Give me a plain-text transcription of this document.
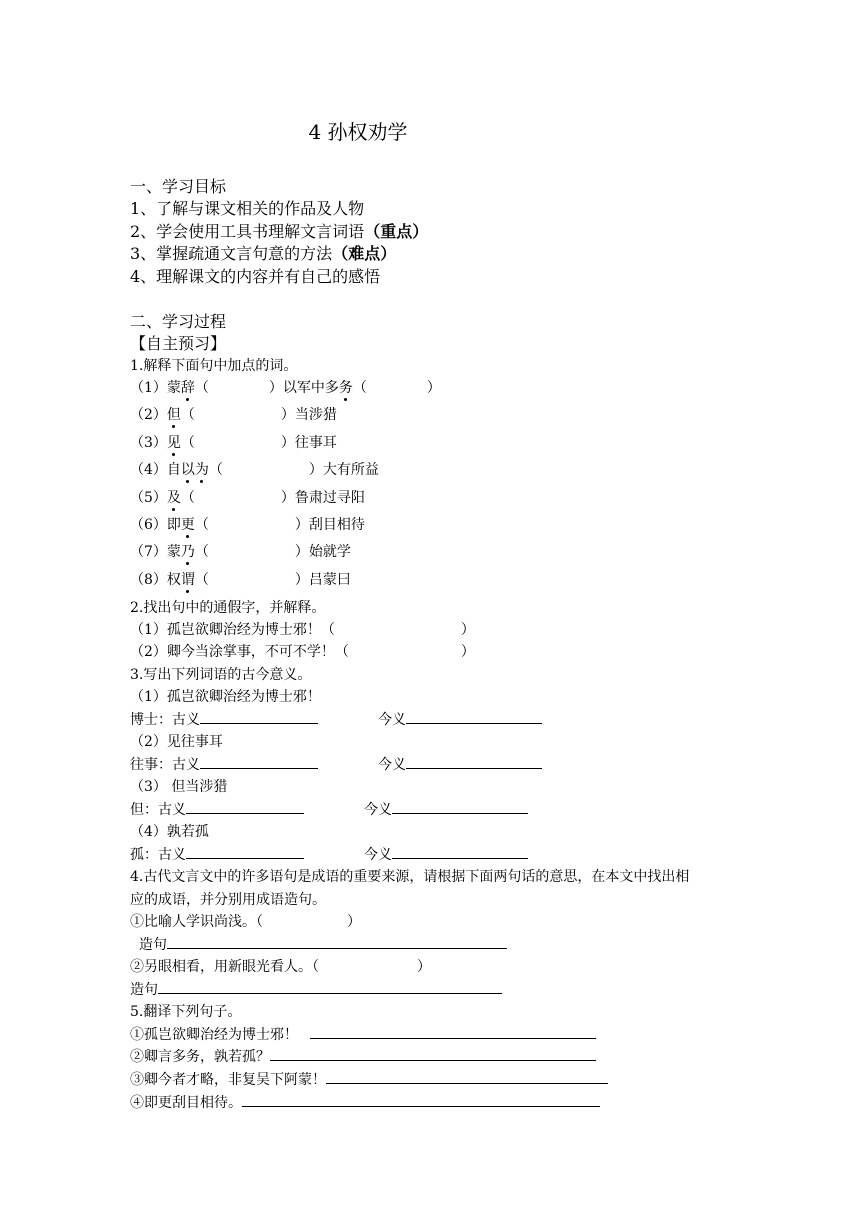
4 孙权劝学
一、学习目标
1、了解与课文相关的作品及人物
2、学会使用工具书理解文言词语（重点）
3、掌握疏通文言句意的方法（难点）
4、理解课文的内容并有自己的感悟
二、学习过程
【自主预习】
1.解释下面句中加点的词。
（1）蒙辞（	）以军中多务（	）
（2）但（	）当涉猎
（3）见（	）往事耳
（4）自以为（	）大有所益
（5）及（	）鲁肃过寻阳
（6）即更（	）刮目相待
（7）蒙乃（	）始就学
（8）权谓（	）吕蒙曰
2.找出句中的通假字，并解释。
（1）孤岂欲卿治经为博士邪！（	）
（2）卿今当涂掌事，不可不学！（	）
3.写出下列词语的古今意义。
（1）孤岂欲卿治经为博士邪！
博士：古义	今义
（2）见往事耳
往事：古义	今义
（3） 但当涉猎
但：古义	今义
（4）孰若孤
孤：古义	今义
4.古代文言文中的许多语句是成语的重要来源，请根据下面两句话的意思，在本文中找出相
应的成语，并分别用成语造句。
①比喻人学识尚浅。（	）
造句
②另眼相看，用新眼光看人。（	）
造句
5.翻译下列句子。
①孤岂欲卿治经为博士邪！
②卿言多务，孰若孤？
③卿今者才略，非复吴下阿蒙！
④即更刮目相待。
